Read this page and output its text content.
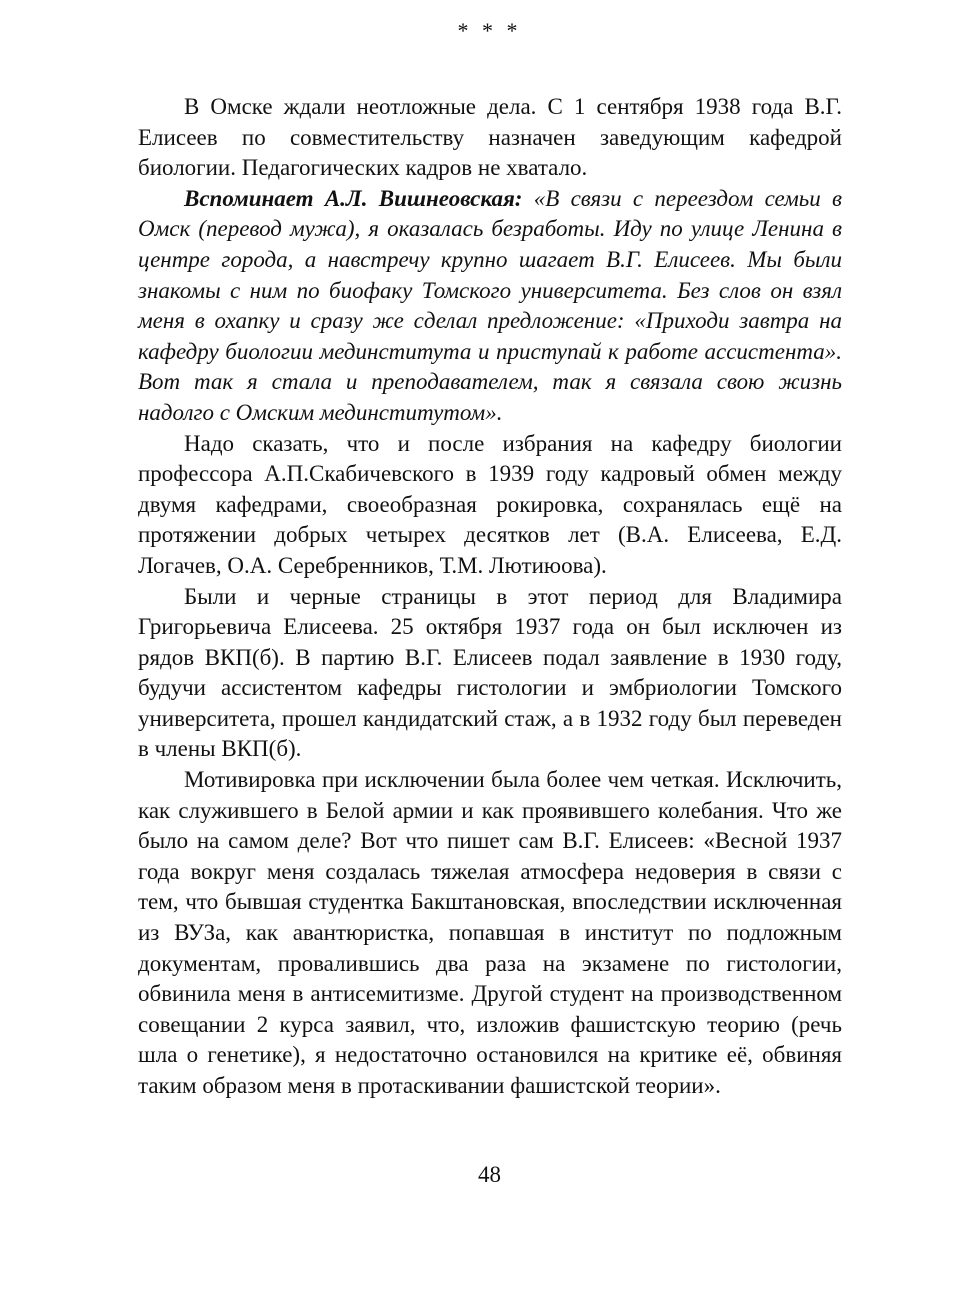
* * *

В Омске ждали неотложные дела. С 1 сентября 1938 года В.Г. Елисеев по совместительству назначен заведующим кафедрой биологии. Педагогических кадров не хватало.

Вспоминает А.Л. Вишнеовская: «В связи с переездом семьи в Омск (перевод мужа), я оказалась безработы. Иду по улице Ленина в центре города, а навстречу крупно шагает В.Г. Елисеев. Мы были знакомы с ним по биофаку Томского университета. Без слов он взял меня в охапку и сразу же сделал предложение: «Приходи завтра на кафедру биологии мединститута и приступай к работе ассистента». Вот так я стала и преподавателем, так я связала свою жизнь надолго с Омским мединститутом».

Надо сказать, что и после избрания на кафедру биологии профессора А.П.Скабичевского в 1939 году кадровый обмен между двумя кафедрами, своеобразная рокировка, сохранялась ещё на протяжении добрых четырех десятков лет (В.А. Елисеева, Е.Д. Логачев, О.А. Серебренников, Т.М. Лютиюова).

Были и черные страницы в этот период для Владимира Григорьевича Елисеева. 25 октября 1937 года он был исключен из рядов ВКП(б). В партию В.Г. Елисеев подал заявление в 1930 году, будучи ассистентом кафедры гистологии и эмбриологии Томского университета, прошел кандидатский стаж, а в 1932 году был переведен в члены ВКП(б).

Мотивировка при исключении была более чем четкая. Исключить, как служившего в Белой армии и как проявившего колебания. Что же было на самом деле? Вот что пишет сам В.Г. Елисеев: «Весной 1937 года вокруг меня создалась тяжелая атмосфера недоверия в связи с тем, что бывшая студентка Бакштановская, впоследствии исключенная из ВУЗа, как авантюристка, попавшая в институт по подложным документам, провалившись два раза на экзамене по гистологии, обвинила меня в антисемитизме. Другой студент на производственном совещании 2 курса заявил, что, изложив фашистскую теорию (речь шла о генетике), я недостаточно остановился на критике её, обвиняя таким образом меня в протаскивании фашистской теории».

48
